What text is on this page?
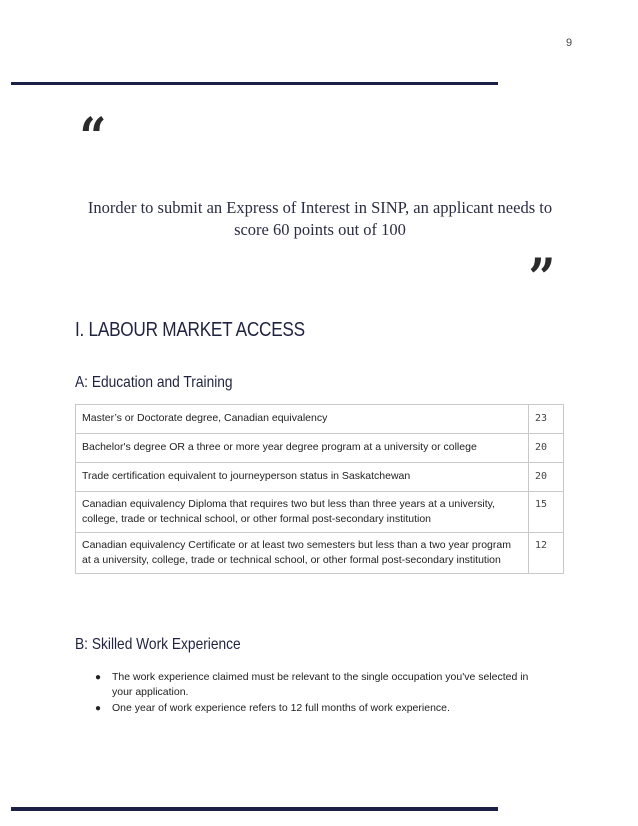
9
“
Inorder to submit an Express of Interest in SINP, an applicant needs to score 60 points out of 100
”
I. LABOUR MARKET ACCESS
A: Education and Training
Master’s or Doctorate degree, Canadian equivalency	23
Bachelor's degree OR a three or more year degree program at a university or college	20
Trade certification equivalent to journeyperson status in Saskatchewan	20
Canadian equivalency Diploma that requires two but less than three years at a university, college, trade or technical school, or other formal post-secondary institution	15
Canadian equivalency Certificate or at least two semesters but less than a two year program at a university, college, trade or technical school, or other formal post-secondary institution	12
B: Skilled Work Experience
● The work experience claimed must be relevant to the single occupation you've selected in your application.
● One year of work experience refers to 12 full months of work experience.
